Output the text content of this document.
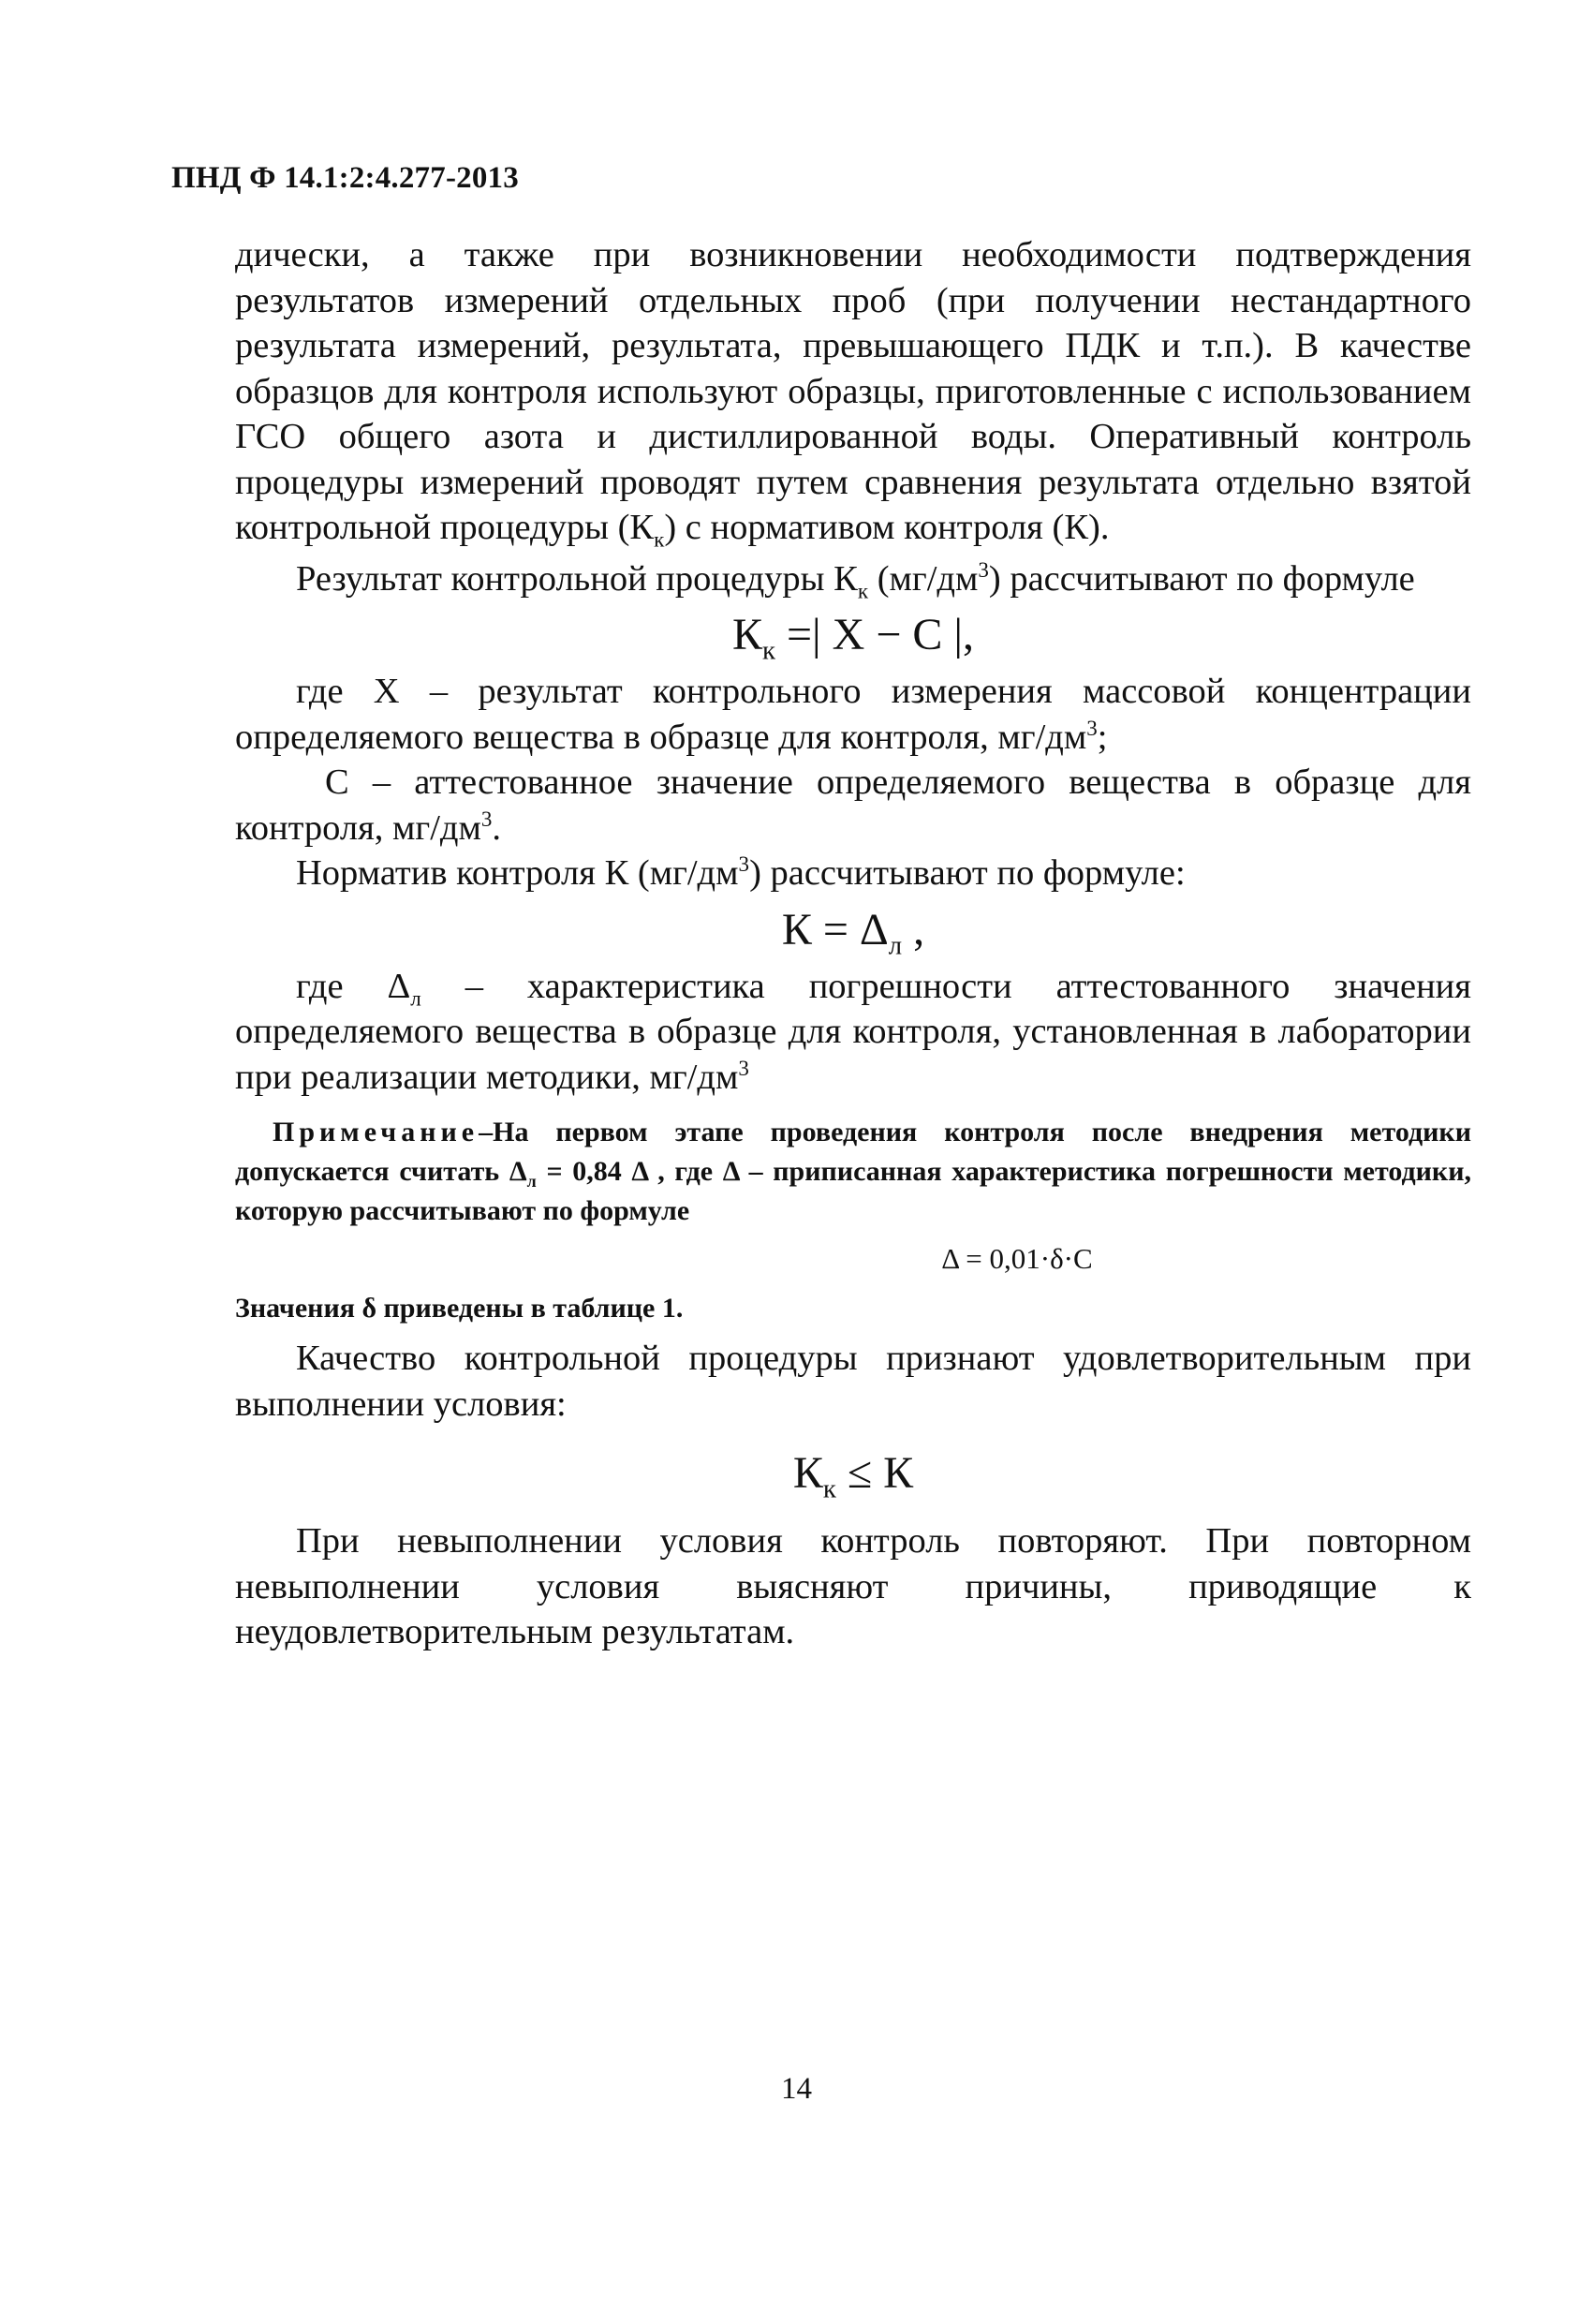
ПНД Ф 14.1:2:4.277-2013

дически, а также при возникновении необходимости подтверждения результатов измерений отдельных проб (при получении нестандартного результата измерений, результата, превышающего ПДК и т.п.). В качестве образцов для контроля используют образцы, приготовленные с использованием ГСО общего азота и дистиллированной воды. Оперативный контроль процедуры измерений проводят путем сравнения результата отдельно взятой контрольной процедуры $(К_к)$ с нормативом контроля (К).

Результат контрольной процедуры $К_к$ $(мг/дм^3)$ рассчитывают по формуле

$К_к$ =| X − C |,

где X – результат контрольного измерения массовой концентрации определяемого вещества в образце для контроля, $мг/дм^3$;

С – аттестованное значение определяемого вещества в образце для контроля, $мг/дм^3$.

Норматив контроля К $(мг/дм^3)$ рассчитывают по формуле:

$К = \Delta_л$ ,

где $\Delta_л$ – характеристика погрешности аттестованного значения определяемого вещества в образце для контроля, установленная в лаборатории при реализации методики, $мг/дм^3$

Примечание–На первом этапе проведения контроля после внедрения методики допускается считать $\Delta_л = 0,84$ Δ , где Δ – приписанная характеристика погрешности методики, которую рассчитывают по формуле

Δ = 0,01·δ·C

Значения δ приведены в таблице 1.

Качество контрольной процедуры признают удовлетворительным при выполнении условия:

$К_к \le К$

При невыполнении условия контроль повторяют. При повторном невыполнении условия выясняют причины, приводящие к неудовлетворительным результатам.

14
